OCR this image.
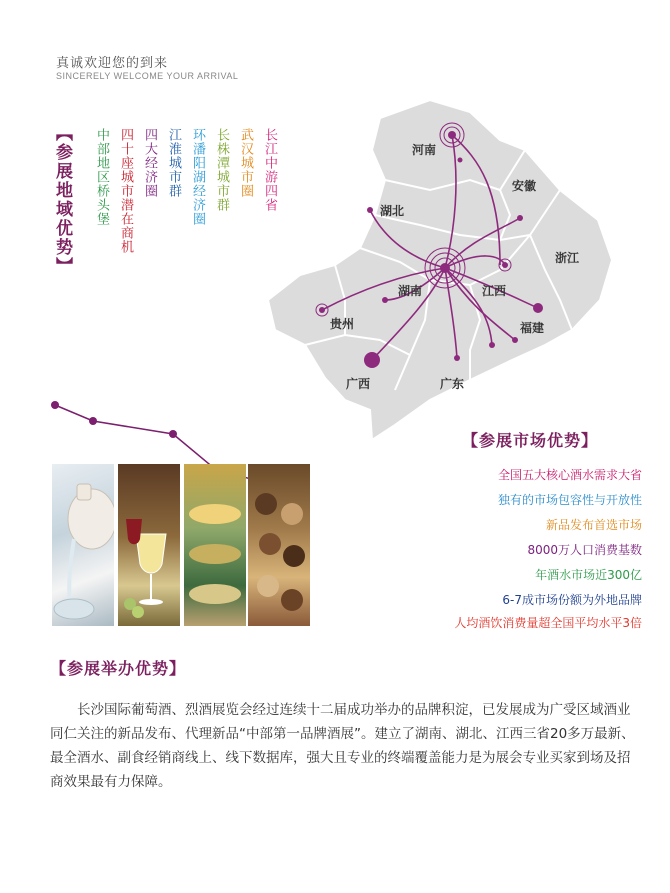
真诚欢迎您的到来
SINCERELY WELCOME YOUR ARRIVAL
【参展地域优势】	长江中游四省
武汉城市圈
长株潭城市群
环潘阳湖经济圈
江淮城市群
四大经济圈
四十座城市潜在商机
中部地区桥头堡	河南
安徽
湖北
浙江
湖南	江西
贵州	福建
广西	广东
【参展市场优势】
全国五大核心酒水需求大省
独有的市场包容性与开放性
新品发布首选市场
8000万人口消费基数
年酒水市场近300亿
6-7成市场份额为外地品牌
人均酒饮消费量超全国平均水平3倍
【参展举办优势】

长沙国际葡萄酒、烈酒展览会经过连续十二届成功举办的品牌积淀，已发展成为广受区域酒业同仁关注的新品发布、代理新品“中部第一品牌酒展”。建立了湖南、湖北、江西三省20多万最新、最全酒水、副食经销商线上、线下数据库，强大且专业的终端覆盖能力是为展会专业买家到场及招商效果最有力保障。
